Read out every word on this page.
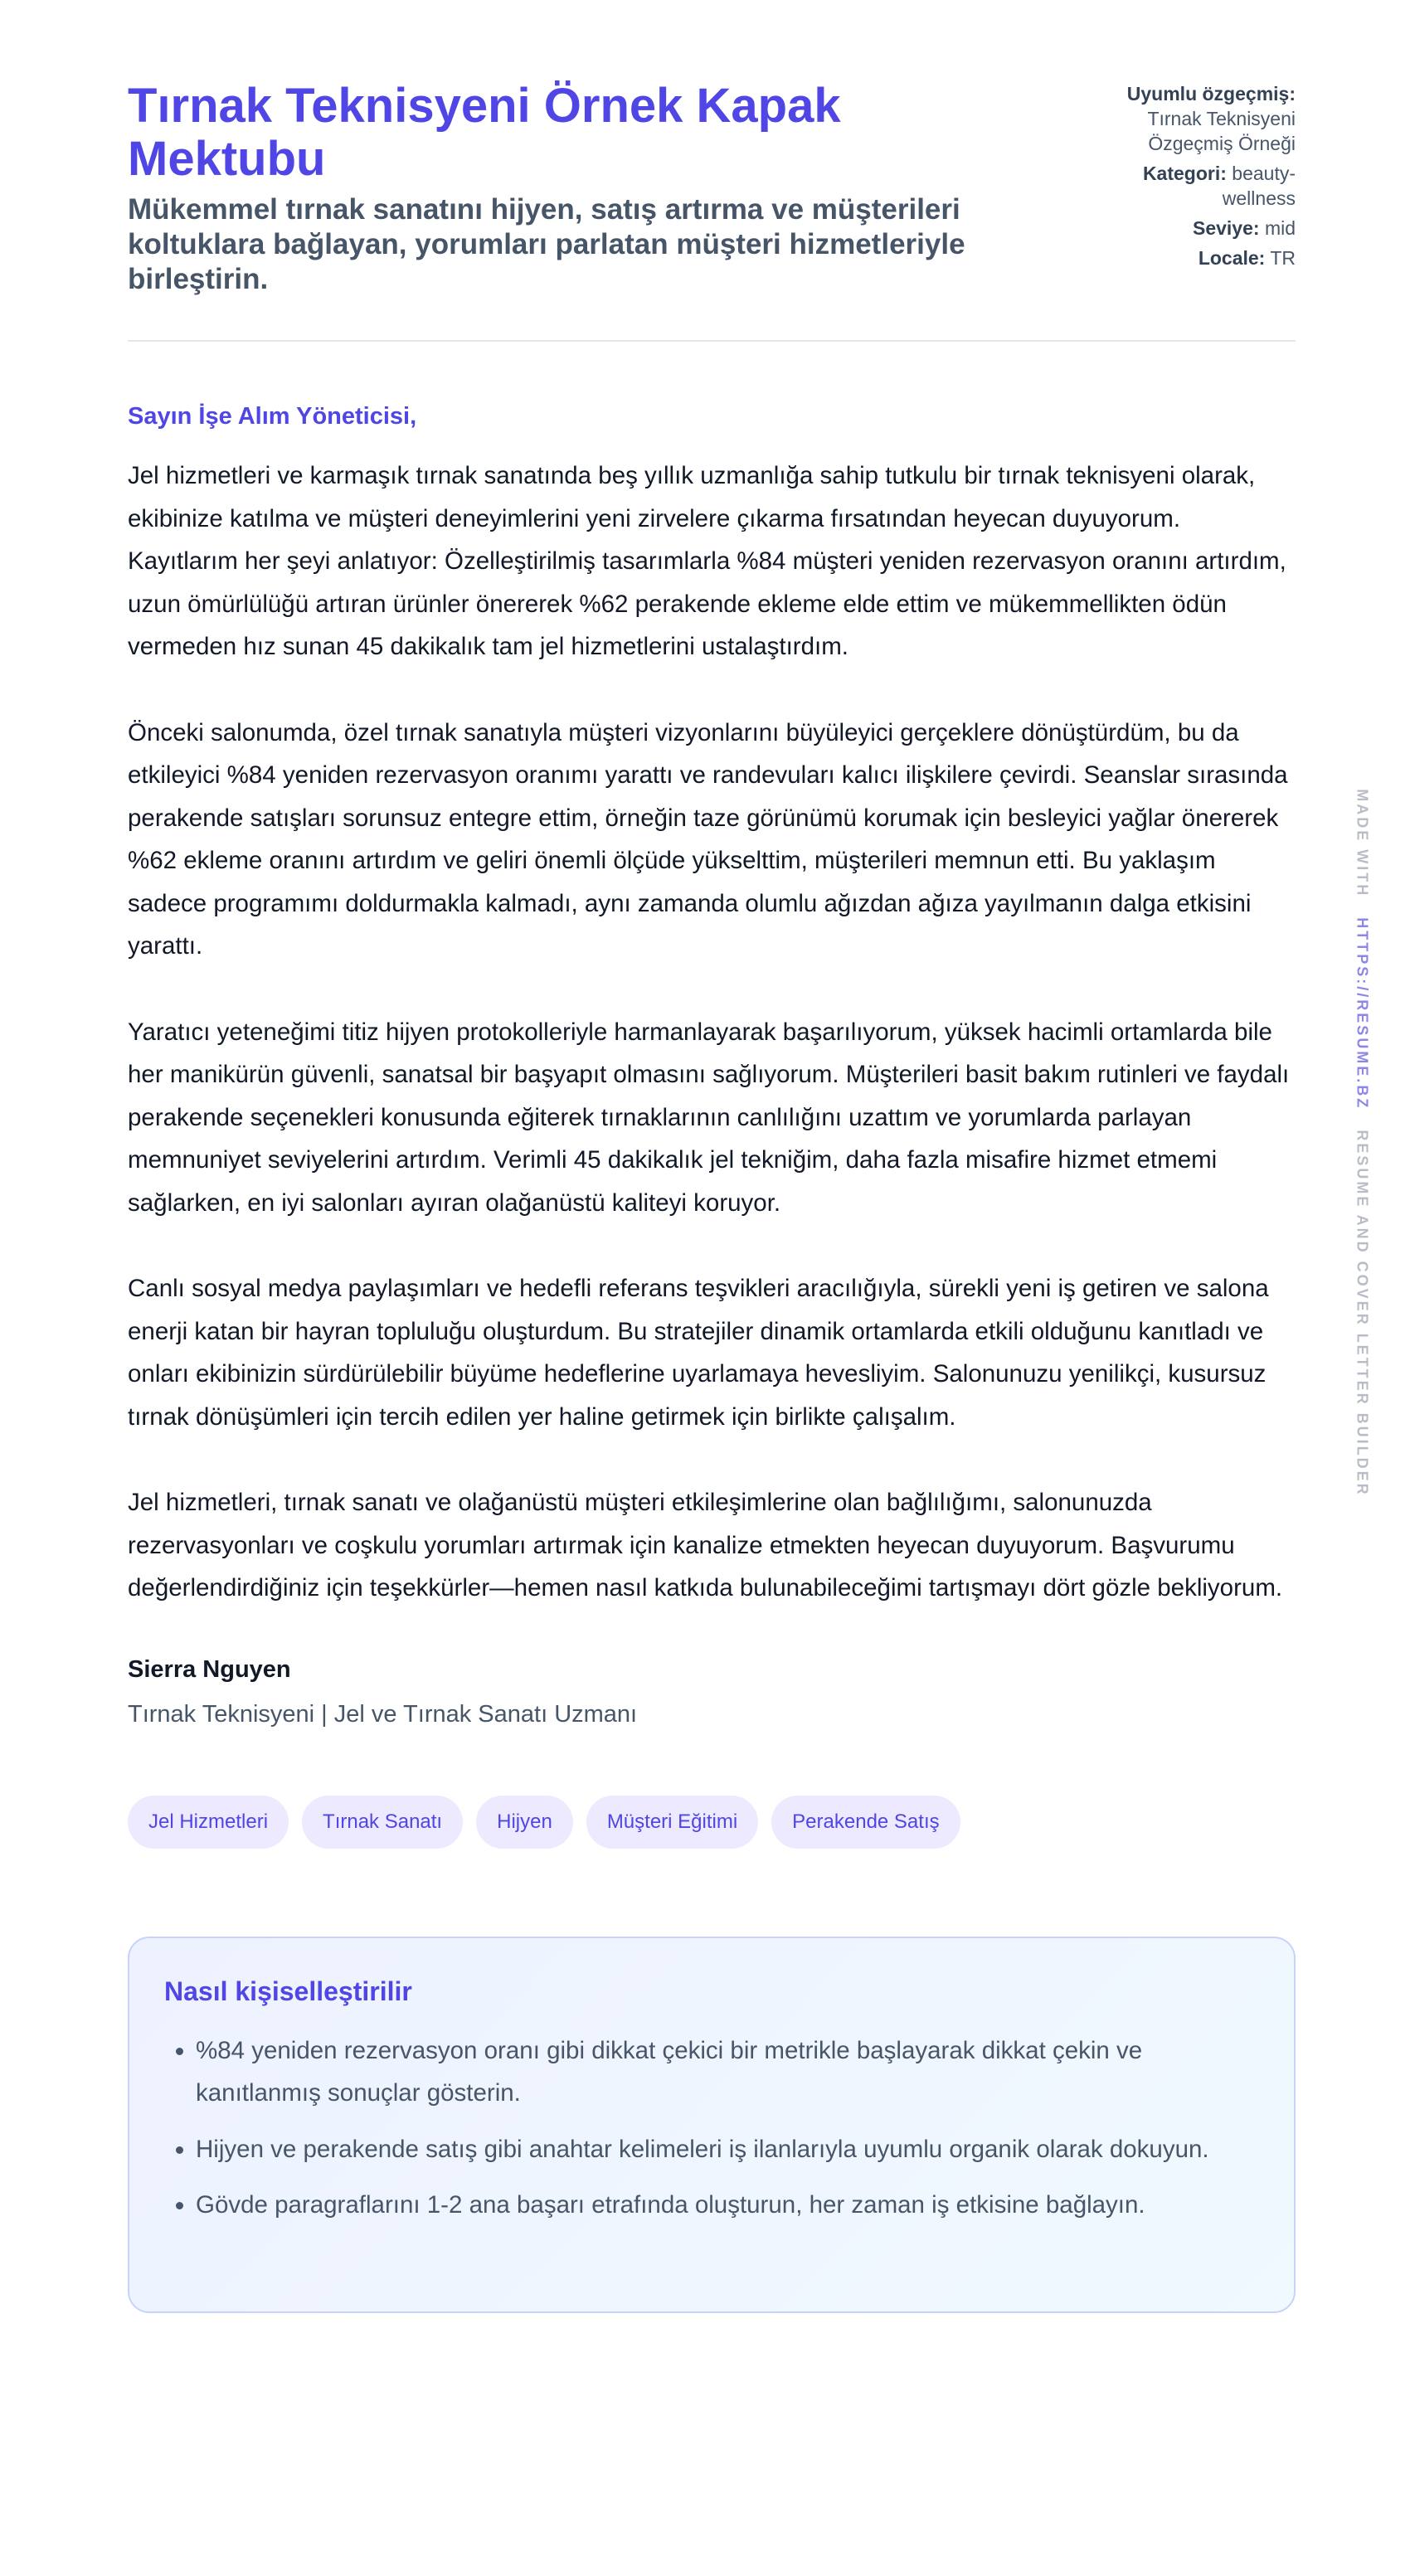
Tırnak Teknisyeni Örnek Kapak Mektubu
Mükemmel tırnak sanatını hijyen, satış artırma ve müşterileri koltuklara bağlayan, yorumları parlatan müşteri hizmetleriyle birleştirin.
Uyumlu özgeçmiş: Tırnak Teknisyeni Özgeçmiş Örneği
Kategori: beauty-wellness
Seviye: mid
Locale: TR
Sayın İşe Alım Yöneticisi,

Jel hizmetleri ve karmaşık tırnak sanatında beş yıllık uzmanlığa sahip tutkulu bir tırnak teknisyeni olarak, ekibinize katılma ve müşteri deneyimlerini yeni zirvelere çıkarma fırsatından heyecan duyuyorum. Kayıtlarım her şeyi anlatıyor: Özelleştirilmiş tasarımlarla %84 müşteri yeniden rezervasyon oranını artırdım, uzun ömürlülüğü artıran ürünler önererek %62 perakende ekleme elde ettim ve mükemmellikten ödün vermeden hız sunan 45 dakikalık tam jel hizmetlerini ustalaştırdım.

Önceki salonumda, özel tırnak sanatıyla müşteri vizyonlarını büyüleyici gerçeklere dönüştürdüm, bu da etkileyici %84 yeniden rezervasyon oranımı yarattı ve randevuları kalıcı ilişkilere çevirdi. Seanslar sırasında perakende satışları sorunsuz entegre ettim, örneğin taze görünümü korumak için besleyici yağlar önererek %62 ekleme oranını artırdım ve geliri önemli ölçüde yükselttim, müşterileri memnun etti. Bu yaklaşım sadece programımı doldurmakla kalmadı, aynı zamanda olumlu ağızdan ağıza yayılmanın dalga etkisini yarattı.

Yaratıcı yeteneğimi titiz hijyen protokolleriyle harmanlayarak başarılıyorum, yüksek hacimli ortamlarda bile her manikürün güvenli, sanatsal bir başyapıt olmasını sağlıyorum. Müşterileri basit bakım rutinleri ve faydalı perakende seçenekleri konusunda eğiterek tırnaklarının canlılığını uzattım ve yorumlarda parlayan memnuniyet seviyelerini artırdım. Verimli 45 dakikalık jel tekniğim, daha fazla misafire hizmet etmemi sağlarken, en iyi salonları ayıran olağanüstü kaliteyi koruyor.

Canlı sosyal medya paylaşımları ve hedefli referans teşvikleri aracılığıyla, sürekli yeni iş getiren ve salona enerji katan bir hayran topluluğu oluşturdum. Bu stratejiler dinamik ortamlarda etkili olduğunu kanıtladı ve onları ekibinizin sürdürülebilir büyüme hedeflerine uyarlamaya hevesliyim. Salonunuzu yenilikçi, kusursuz tırnak dönüşümleri için tercih edilen yer haline getirmek için birlikte çalışalım.

Jel hizmetleri, tırnak sanatı ve olağanüstü müşteri etkileşimlerine olan bağlılığımı, salonunuzda rezervasyonları ve coşkulu yorumları artırmak için kanalize etmekten heyecan duyuyorum. Başvurumu değerlendirdiğiniz için teşekkürler—hemen nasıl katkıda bulunabileceğimi tartışmayı dört gözle bekliyorum.

Sierra Nguyen
Tırnak Teknisyeni | Jel ve Tırnak Sanatı Uzmanı
Jel Hizmetleri	Tırnak Sanatı	Hijyen	Müşteri Eğitimi	Perakende Satış
Nasıl kişiselleştirilir
• %84 yeniden rezervasyon oranı gibi dikkat çekici bir metrikle başlayarak dikkat çekin ve kanıtlanmış sonuçlar gösterin.
• Hijyen ve perakende satış gibi anahtar kelimeleri iş ilanlarıyla uyumlu organik olarak dokuyun.
• Gövde paragraflarını 1-2 ana başarı etrafında oluşturun, her zaman iş etkisine bağlayın.
MADE WITH   HTTPS://RESUME.BZ   RESUME AND COVER LETTER BUILDER
